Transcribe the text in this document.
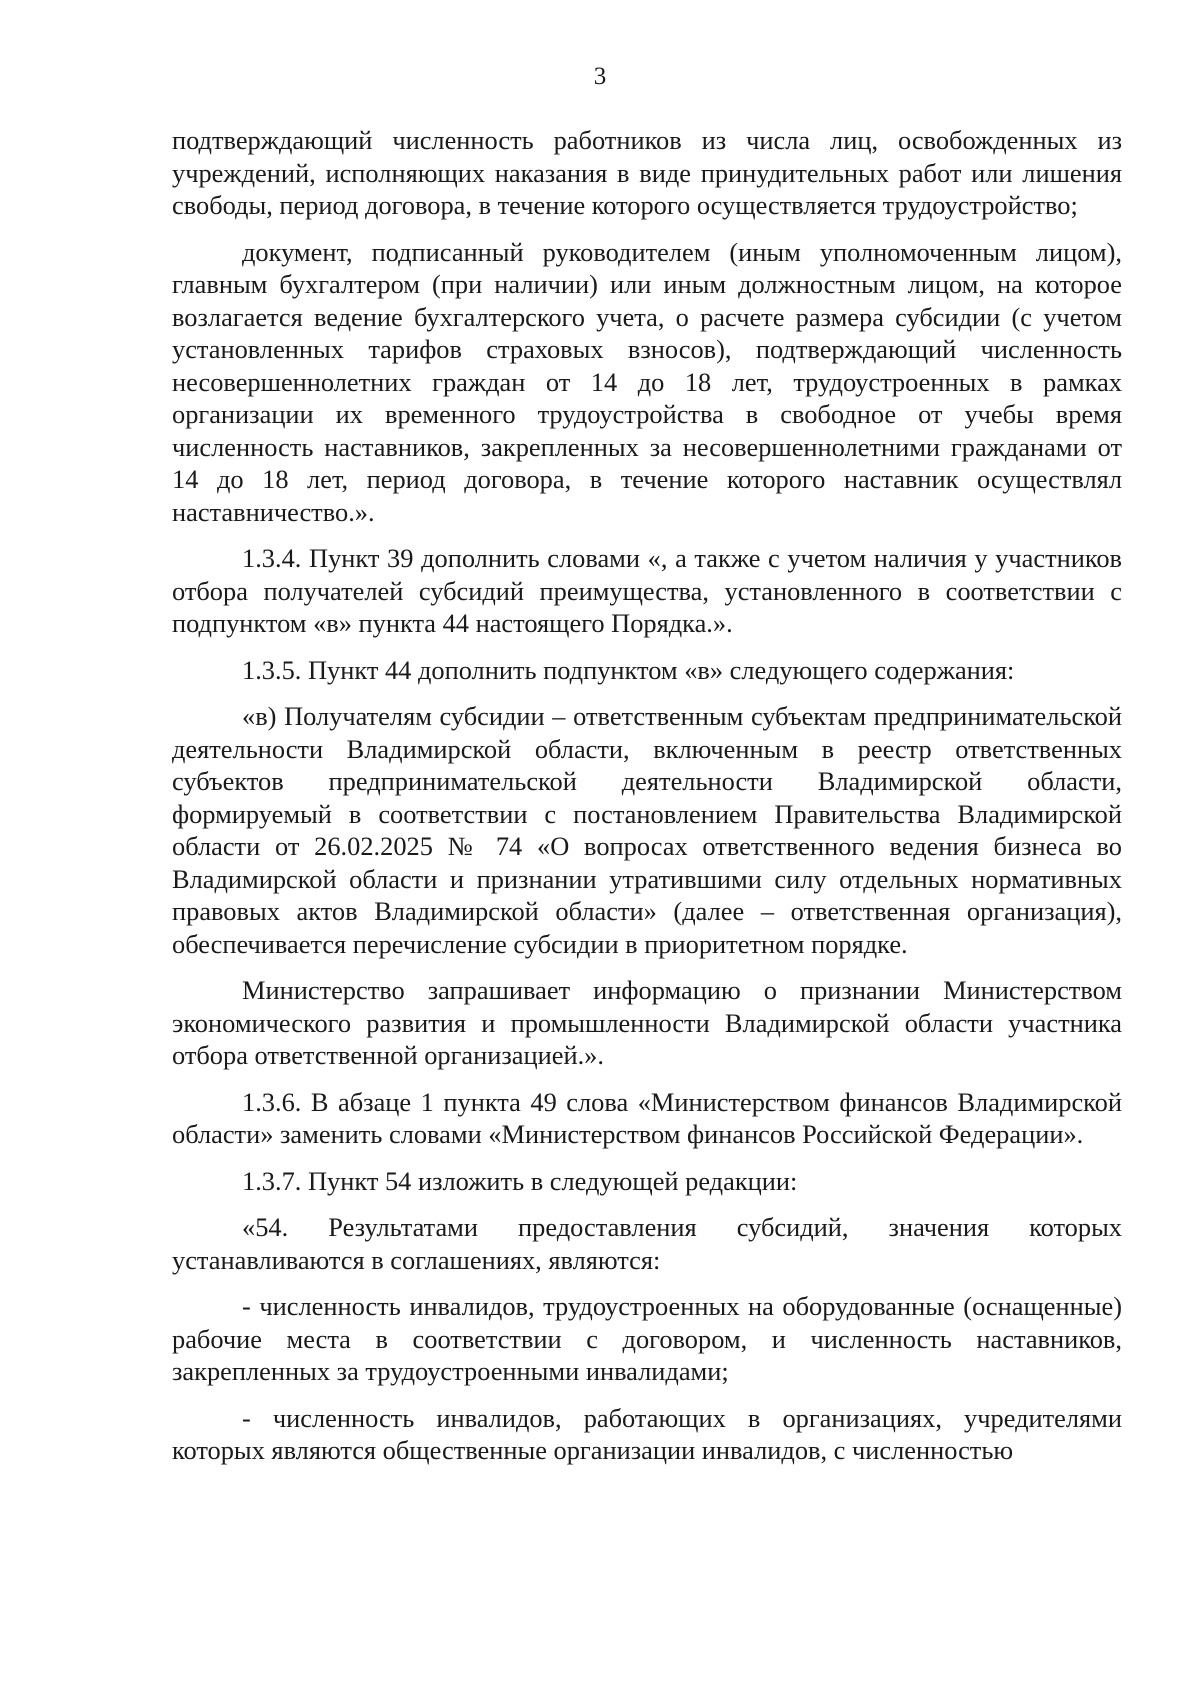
3

подтверждающий численность работников из числа лиц, освобожденных из учреждений, исполняющих наказания в виде принудительных работ или лишения свободы, период договора, в течение которого осуществляется трудоустройство;

документ, подписанный руководителем (иным уполномоченным лицом), главным бухгалтером (при наличии) или иным должностным лицом, на которое возлагается ведение бухгалтерского учета, о расчете размера субсидии (с учетом установленных тарифов страховых взносов), подтверждающий численность несовершеннолетних граждан от 14 до 18 лет, трудоустроенных в рамках организации их временного трудоустройства в свободное от учебы время численность наставников, закрепленных за несовершеннолетними гражданами от 14 до 18 лет, период договора, в течение которого наставник осуществлял наставничество.».

1.3.4. Пункт 39 дополнить словами «, а также с учетом наличия у участников отбора получателей субсидий преимущества, установленного в соответствии с подпунктом «в» пункта 44 настоящего Порядка.».

1.3.5. Пункт 44 дополнить подпунктом «в» следующего содержания:

«в) Получателям субсидии – ответственным субъектам предпринимательской деятельности Владимирской области, включенным в реестр ответственных субъектов предпринимательской деятельности Владимирской области, формируемый в соответствии с постановлением Правительства Владимирской области от 26.02.2025 № 74 «О вопросах ответственного ведения бизнеса во Владимирской области и признании утратившими силу отдельных нормативных правовых актов Владимирской области» (далее – ответственная организация), обеспечивается перечисление субсидии в приоритетном порядке.

Министерство запрашивает информацию о признании Министерством экономического развития и промышленности Владимирской области участника отбора ответственной организацией.».

1.3.6. В абзаце 1 пункта 49 слова «Министерством финансов Владимирской области» заменить словами «Министерством финансов Российской Федерации».

1.3.7. Пункт 54 изложить в следующей редакции:

«54. Результатами предоставления субсидий, значения которых устанавливаются в соглашениях, являются:

- численность инвалидов, трудоустроенных на оборудованные (оснащенные) рабочие места в соответствии с договором, и численность наставников, закрепленных за трудоустроенными инвалидами;

- численность инвалидов, работающих в организациях, учредителями которых являются общественные организации инвалидов, с численностью
